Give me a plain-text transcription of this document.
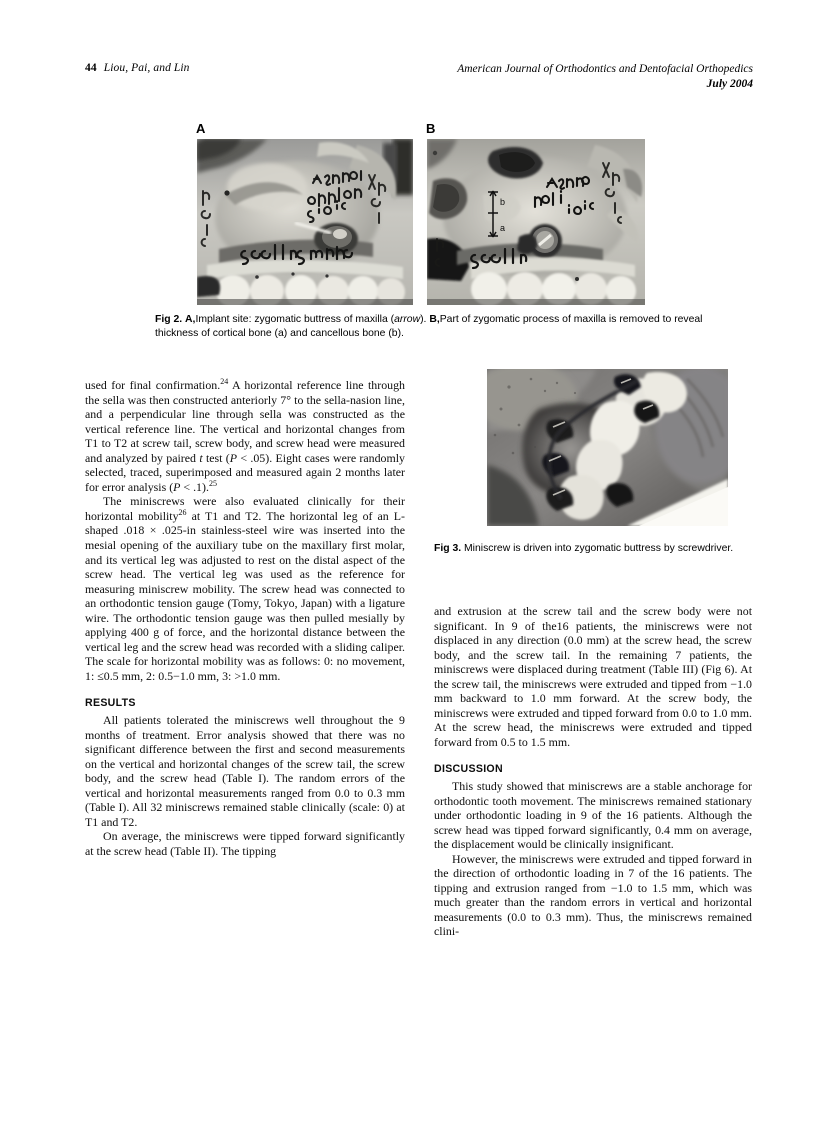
44 Liou, Pai, and Lin	American Journal of Orthodontics and Dentofacial Orthopedics
July 2004
A	B
b
a
Fig 2. A,Implant site: zygomatic buttress of maxilla (arrow). B,Part of zygomatic process of maxilla is removed to reveal thickness of cortical bone (a) and cancellous bone (b).
Fig 3. Miniscrew is driven into zygomatic buttress by screwdriver.

used for final confirmation.$^{24}$ A horizontal reference line through the sella was then constructed anteriorly 7° to the sella-nasion line, and a perpendicular line through sella was constructed as the vertical reference line. The vertical and horizontal changes from T1 to T2 at screw tail, screw body, and screw head were measured and analyzed by paired t test (P < .05). Eight cases were randomly selected, traced, superimposed and measured again 2 months later for error analysis (P < .1).$^{25}$

The miniscrews were also evaluated clinically for their horizontal mobility$^{26}$ at T1 and T2. The horizontal leg of an L-shaped .018 × .025-in stainless-steel wire was inserted into the mesial opening of the auxiliary tube on the maxillary first molar, and its vertical leg was adjusted to rest on the distal aspect of the screw head. The vertical leg was used as the reference for measuring miniscrew mobility. The screw head was connected to an orthodontic tension gauge (Tomy, Tokyo, Japan) with a ligature wire. The orthodontic tension gauge was then pulled mesially by applying 400 g of force, and the horizontal distance between the vertical leg and the screw head was recorded with a sliding caliper. The scale for horizontal mobility was as follows: 0: no movement, 1: ≤0.5 mm, 2: 0.5−1.0 mm, 3: >1.0 mm.

RESULTS

All patients tolerated the miniscrews well throughout the 9 months of treatment. Error analysis showed that there was no significant difference between the first and second measurements on the vertical and horizontal changes of the screw tail, the screw body, and the screw head (Table I). The random errors of the vertical and horizontal measurements ranged from 0.0 to 0.3 mm (Table I). All 32 miniscrews remained stable clinically (scale: 0) at T1 and T2.

On average, the miniscrews were tipped forward significantly at the screw head (Table II). The tipping

and extrusion at the screw tail and the screw body were not significant. In 9 of the16 patients, the miniscrews were not displaced in any direction (0.0 mm) at the screw head, the screw body, and the screw tail. In the remaining 7 patients, the miniscrews were displaced during treatment (Table III) (Fig 6). At the screw tail, the miniscrews were extruded and tipped from −1.0 mm backward to 1.0 mm forward. At the screw body, the miniscrews were extruded and tipped forward from 0.0 to 1.0 mm. At the screw head, the miniscrews were extruded and tipped forward from 0.5 to 1.5 mm.

DISCUSSION

This study showed that miniscrews are a stable anchorage for orthodontic tooth movement. The miniscrews remained stationary under orthodontic loading in 9 of the 16 patients. Although the screw head was tipped forward significantly, 0.4 mm on average, the displacement would be clinically insignificant.

However, the miniscrews were extruded and tipped forward in the direction of orthodontic loading in 7 of the 16 patients. The tipping and extrusion ranged from −1.0 to 1.5 mm, which was much greater than the random errors in vertical and horizontal measurements (0.0 to 0.3 mm). Thus, the miniscrews remained clini-
